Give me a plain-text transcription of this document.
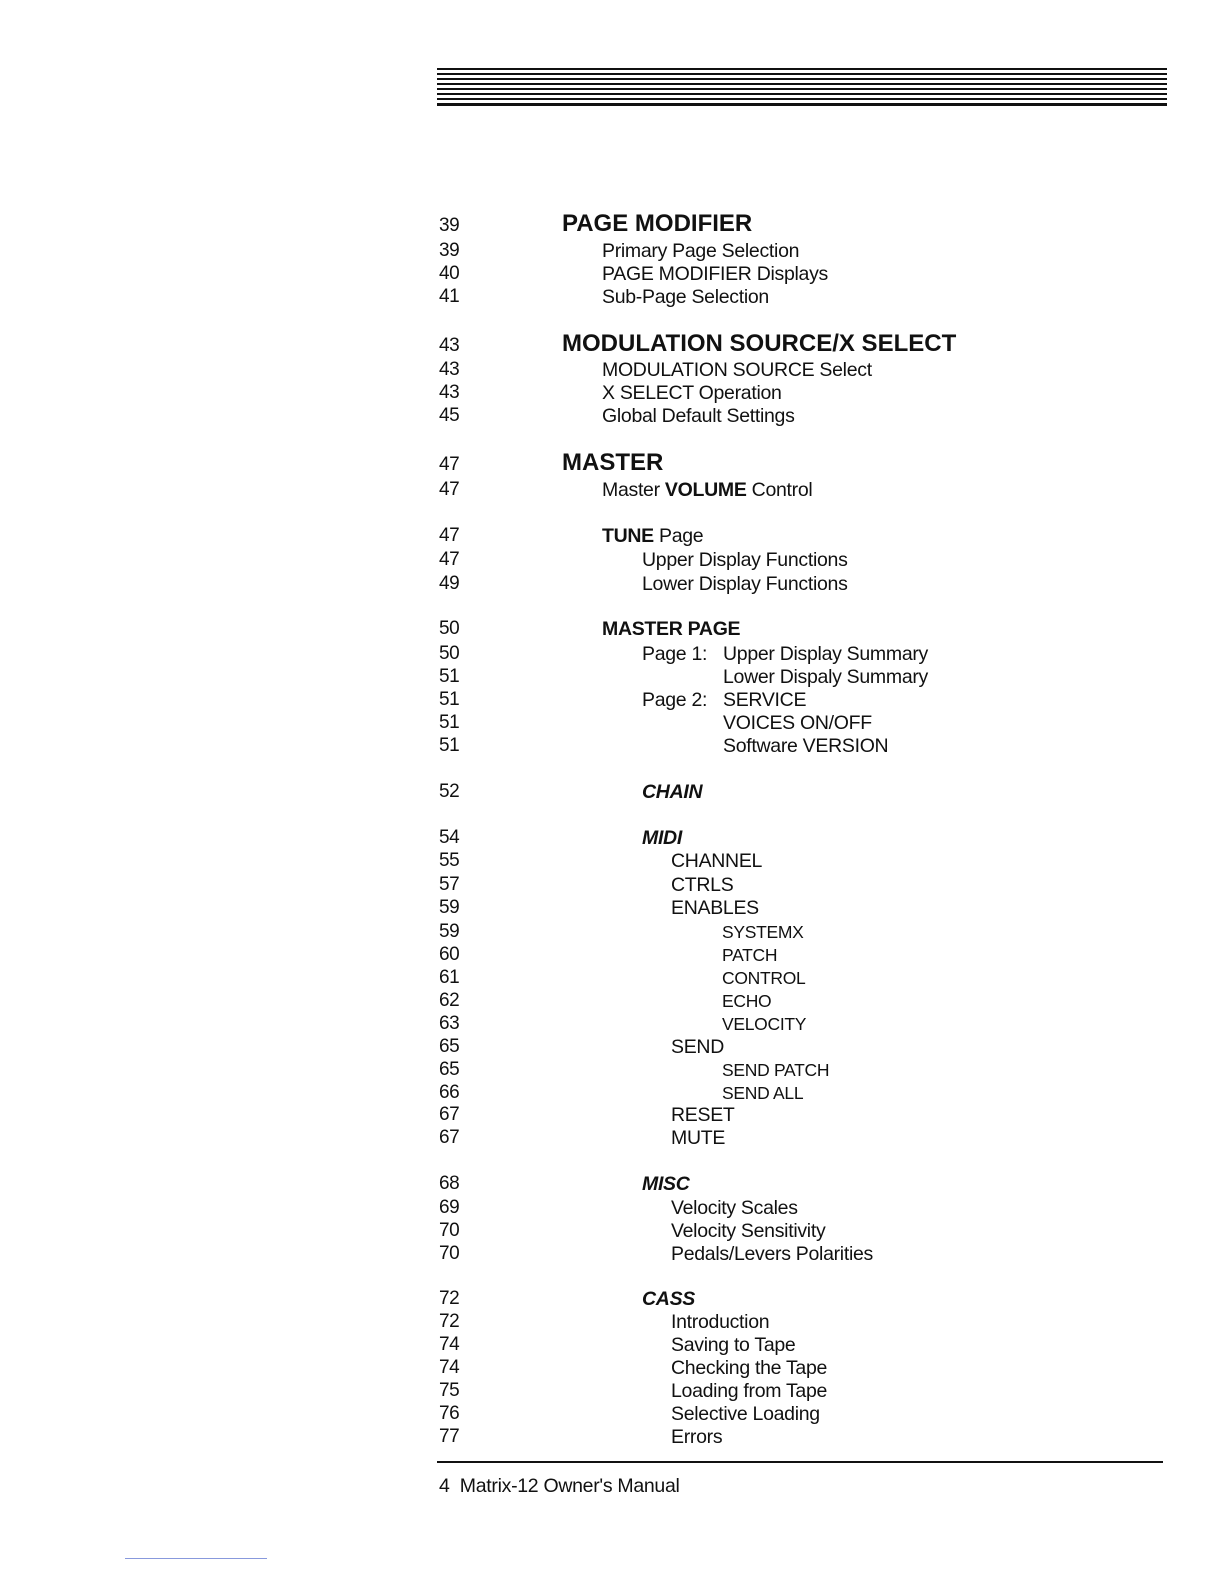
39	PAGE MODIFIER
39	Primary Page Selection
40	PAGE MODIFIER Displays
41	Sub-Page Selection
43	MODULATION SOURCE/X SELECT
43	MODULATION SOURCE Select
43	X SELECT Operation
45	Global Default Settings
47	MASTER
47	Master VOLUME Control
47	TUNE Page
47	Upper Display Functions
49	Lower Display Functions
50	MASTER PAGE
50	Page 1: Upper Display Summary
51	Lower Dispaly Summary
51	Page 2: SERVICE
51	VOICES ON/OFF
51	Software VERSION
52	CHAIN
54	MIDI
55	CHANNEL
57	CTRLS
59	ENABLES
59	SYSTEMX
60	PATCH
61	CONTROL
62	ECHO
63	VELOCITY
65	SEND
65	SEND PATCH
66	SEND ALL
67	RESET
67	MUTE
68	MISC
69	Velocity Scales
70	Velocity Sensitivity
70	Pedals/Levers Polarities
72	CASS
72	Introduction
74	Saving to Tape
74	Checking the Tape
75	Loading from Tape
76	Selective Loading
77	Errors
4  Matrix-12 Owner's Manual
